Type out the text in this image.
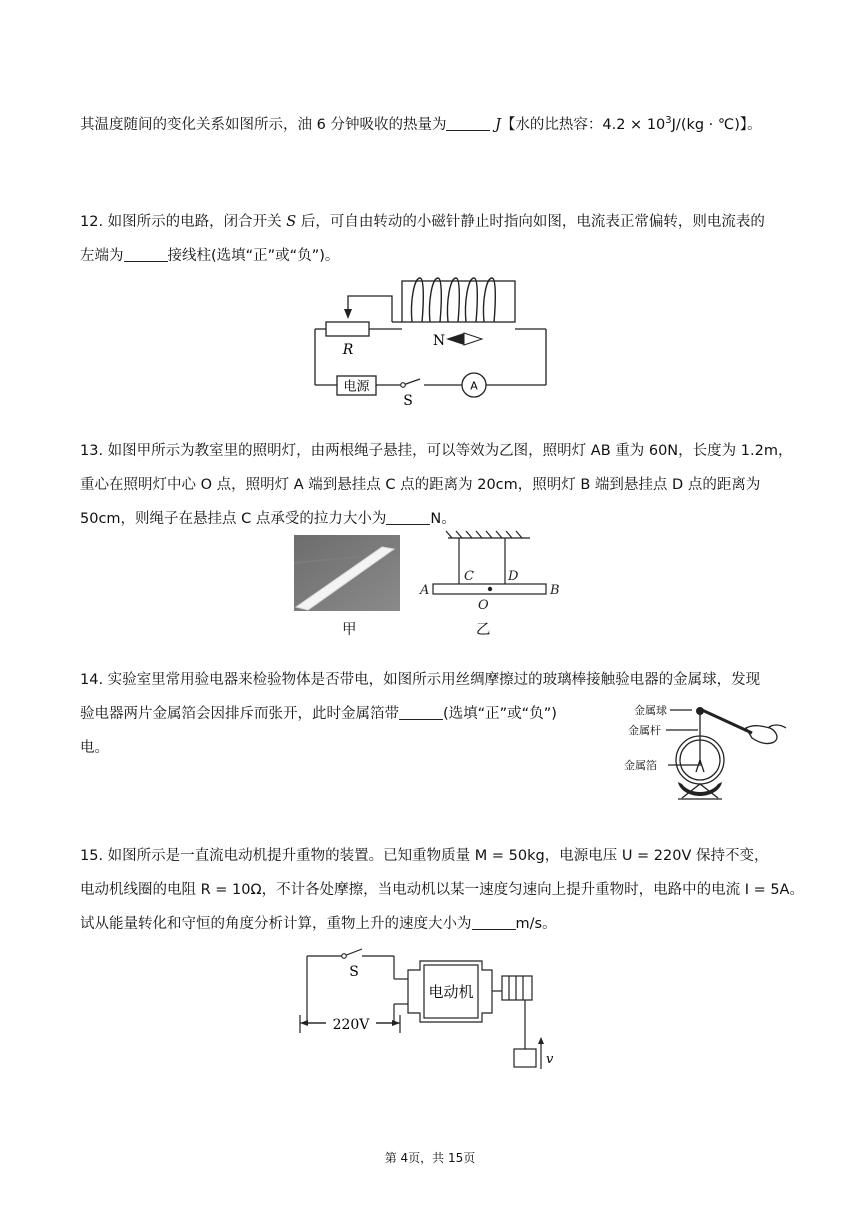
其温度随间的变化关系如图所示，油 6 分钟吸收的热量为	J【水的比热容：$4.2 \times 10^3J/(kg$ · ℃)】。
12. 如图所示的电路，闭合开关 S 后，可自由转动的小磁针静止时指向如图，电流表正常偏转，则电流表的
左端为	接线柱(选填“正”或“负”)。
电源	A
R
S
N
13. 如图甲所示为教室里的照明灯，由两根绳子悬挂，可以等效为乙图，照明灯 AB 重为 60N，长度为 1.2m，
重心在照明灯中心 O 点，照明灯 A 端到悬挂点 C 点的距离为 20cm，照明灯 B 端到悬挂点 D 点的距离为
50cm，则绳子在悬挂点 C 点承受的拉力大小为	N。
甲
A	B
C	D
O
乙
14. 实验室里常用验电器来检验物体是否带电，如图所示用丝绸摩擦过的玻璃棒接触验电器的金属球，发现
验电器两片金属箔会因排斥而张开，此时金属箔带	(选填“正”或“负”)
电。
金属球
金属杆
金属箔
15. 如图所示是一直流电动机提升重物的装置。已知重物质量 M = 50kg，电源电压 U = 220V 保持不变，
电动机线圈的电阻 R = 10Ω，不计各处摩擦，当电动机以某一速度匀速向上提升重物时，电路中的电流 I = 5A。
试从能量转化和守恒的角度分析计算，重物上升的速度大小为	m/s。
S
220V
电动机
v
第 4页，共 15页
